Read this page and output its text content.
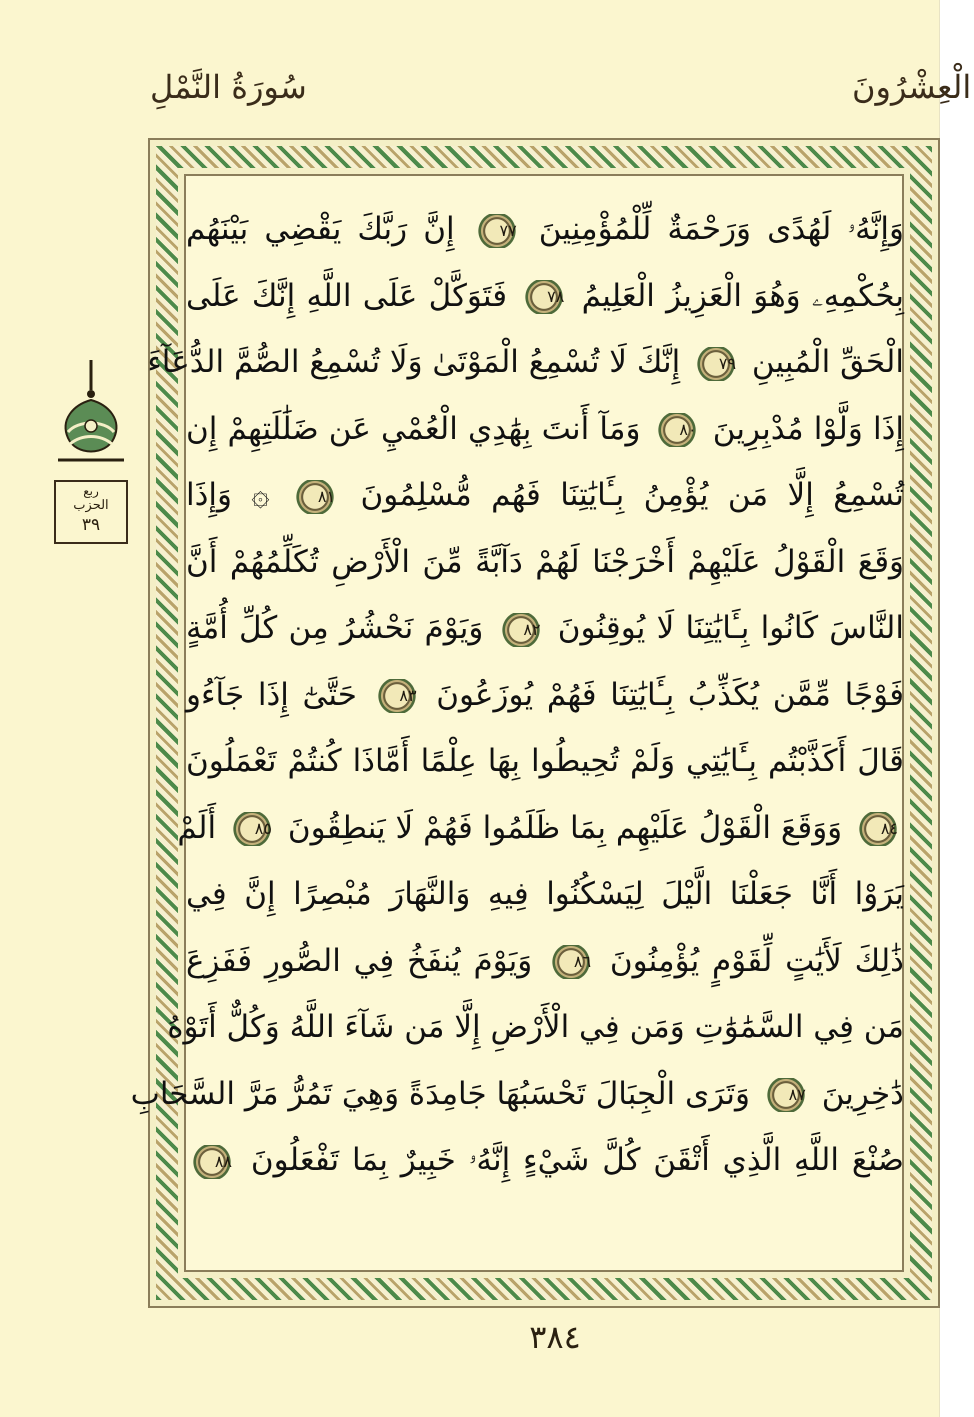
سُورَةُ النَّمْلِ	الْعِشْرُونَ
ربع
الحزب
٣٩
وَإِنَّهُۥ لَهُدًى وَرَحْمَةٌ لِّلْمُؤْمِنِينَ ٧٧ إِنَّ رَبَّكَ يَقْضِي بَيْنَهُم
بِحُكْمِهِۦ وَهُوَ الْعَزِيزُ الْعَلِيمُ ٧٨ فَتَوَكَّلْ عَلَى اللَّهِ إِنَّكَ عَلَى
الْحَقِّ الْمُبِينِ ٧٩ إِنَّكَ لَا تُسْمِعُ الْمَوْتَىٰ وَلَا تُسْمِعُ الصُّمَّ الدُّعَآءَ
إِذَا وَلَّوْا مُدْبِرِينَ ٨٠ وَمَآ أَنتَ بِهَٰدِي الْعُمْيِ عَن ضَلَٰلَتِهِمْ إِن
تُسْمِعُ إِلَّا مَن يُؤْمِنُ بِـَٔايَٰتِنَا فَهُم مُّسْلِمُونَ ٨١ ۞ وَإِذَا
وَقَعَ الْقَوْلُ عَلَيْهِمْ أَخْرَجْنَا لَهُمْ دَآبَّةً مِّنَ الْأَرْضِ تُكَلِّمُهُمْ أَنَّ
النَّاسَ كَانُوا بِـَٔايَٰتِنَا لَا يُوقِنُونَ ٨٢ وَيَوْمَ نَحْشُرُ مِن كُلِّ أُمَّةٍ
فَوْجًا مِّمَّن يُكَذِّبُ بِـَٔايَٰتِنَا فَهُمْ يُوزَعُونَ ٨٣ حَتَّىٰٓ إِذَا جَآءُو
قَالَ أَكَذَّبْتُم بِـَٔايَٰتِي وَلَمْ تُحِيطُوا بِهَا عِلْمًا أَمَّاذَا كُنتُمْ تَعْمَلُونَ
٨٤ وَوَقَعَ الْقَوْلُ عَلَيْهِم بِمَا ظَلَمُوا فَهُمْ لَا يَنطِقُونَ ٨٥ أَلَمْ
يَرَوْا أَنَّا جَعَلْنَا الَّيْلَ لِيَسْكُنُوا فِيهِ وَالنَّهَارَ مُبْصِرًا إِنَّ فِي
ذَٰلِكَ لَأَيَٰتٍ لِّقَوْمٍ يُؤْمِنُونَ ٨٦ وَيَوْمَ يُنفَخُ فِي الصُّورِ فَفَزِعَ
مَن فِي السَّمَٰوَٰتِ وَمَن فِي الْأَرْضِ إِلَّا مَن شَآءَ اللَّهُ وَكُلٌّ أَتَوْهُ
دَٰخِرِينَ ٨٧ وَتَرَى الْجِبَالَ تَحْسَبُهَا جَامِدَةً وَهِيَ تَمُرُّ مَرَّ السَّحَابِ
صُنْعَ اللَّهِ الَّذِي أَتْقَنَ كُلَّ شَيْءٍ إِنَّهُۥ خَبِيرٌ بِمَا تَفْعَلُونَ ٨٨
٣٨٤
